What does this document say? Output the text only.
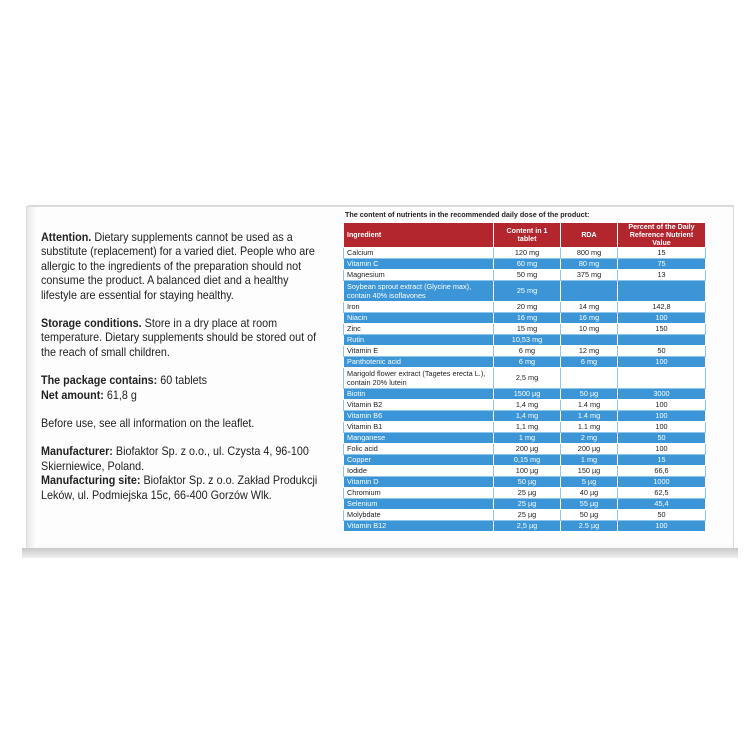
Attention. Dietary supplements cannot be used as a substitute (replacement) for a varied diet. People who are allergic to the ingredients of the preparation should not consume the product. A balanced diet and a healthy lifestyle are essential for staying healthy.

Storage conditions. Store in a dry place at room temperature. Dietary supplements should be stored out of the reach of small children.

The package contains: 60 tablets

Net amount: 61,8 g

Before use, see all information on the leaflet.

Manufacturer: Biofaktor Sp. z o.o., ul. Czysta 4, 96-100 Skierniewice, Poland.

Manufacturing site: Biofaktor Sp. z o.o. Zakład Produkcji Leków, ul. Podmiejska 15c, 66-400 Gorzów Wlk.

The content of nutrients in the recommended daily dose of the product:
Ingredient	Content in 1 tablet	RDA	Percent of the Daily Reference Nutrient Value
Calcium	120 mg	800 mg	15
Vitamin C	60 mg	80 mg	75
Magnesium	50 mg	375 mg	13
Soybean sprout extract (Glycine max), contain 40% isoflavones	25 mg		
Iron	20 mg	14 mg	142,8
Niacin	16 mg	16 mg	100
Zinc	15 mg	10 mg	150
Rutin	10,53 mg		
Vitamin E	6 mg	12 mg	50
Panthotenic acid	6 mg	6 mg	100
Marigold flower extract (Tagetes erecta L.), contain 20% lutein	2,5 mg		
Biotin	1500 µg	50 µg	3000
Vitamin B2	1,4 mg	1.4 mg	100
Vitamin B6	1,4 mg	1.4 mg	100
Vitamin B1	1,1 mg	1.1 mg	100
Manganese	1 mg	2 mg	50
Folic acid	200 µg	200 µg	100
Copper	0,15 mg	1 mg	15
Iodide	100 µg	150 µg	66,6
Vitamin D	50 µg	5 µg	1000
Chromium	25 µg	40 µg	62,5
Selenium	25 µg	55 µg	45,4
Molybdate	25 µg	50 µg	50
Vitamin B12	2,5 µg	2.5 µg	100
